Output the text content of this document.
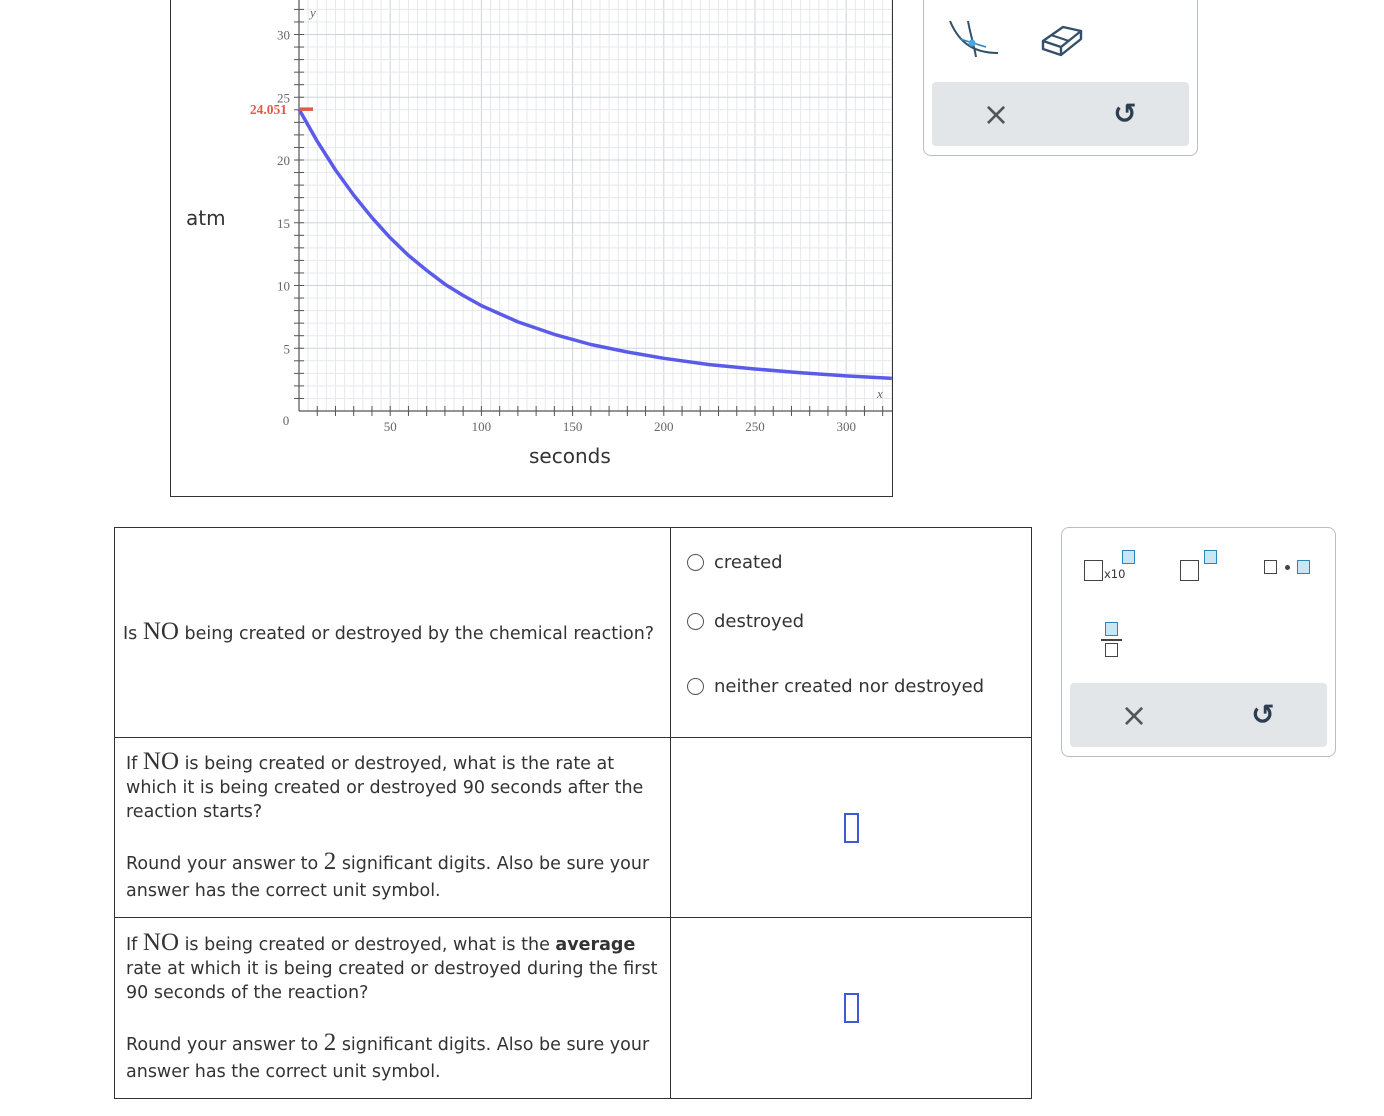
50	100	150	200	250	300
30
25
20
15
10
5
0
y
x
24.051
atm
seconds
×	↺
Is NO being created or destroyed by the chemical reaction?	created
destroyed
neither created nor destroyed

If NO is being created or destroyed, what is the rate at which it is being created or destroyed 90 seconds after the reaction starts?

Round your answer to 2 significant digits. Also be sure your answer has the correct unit symbol.	

If NO is being created or destroyed, what is the average rate at which it is being created or destroyed during the first 90 seconds of the reaction?

Round your answer to 2 significant digits. Also be sure your answer has the correct unit symbol.	

x10
×	↺
